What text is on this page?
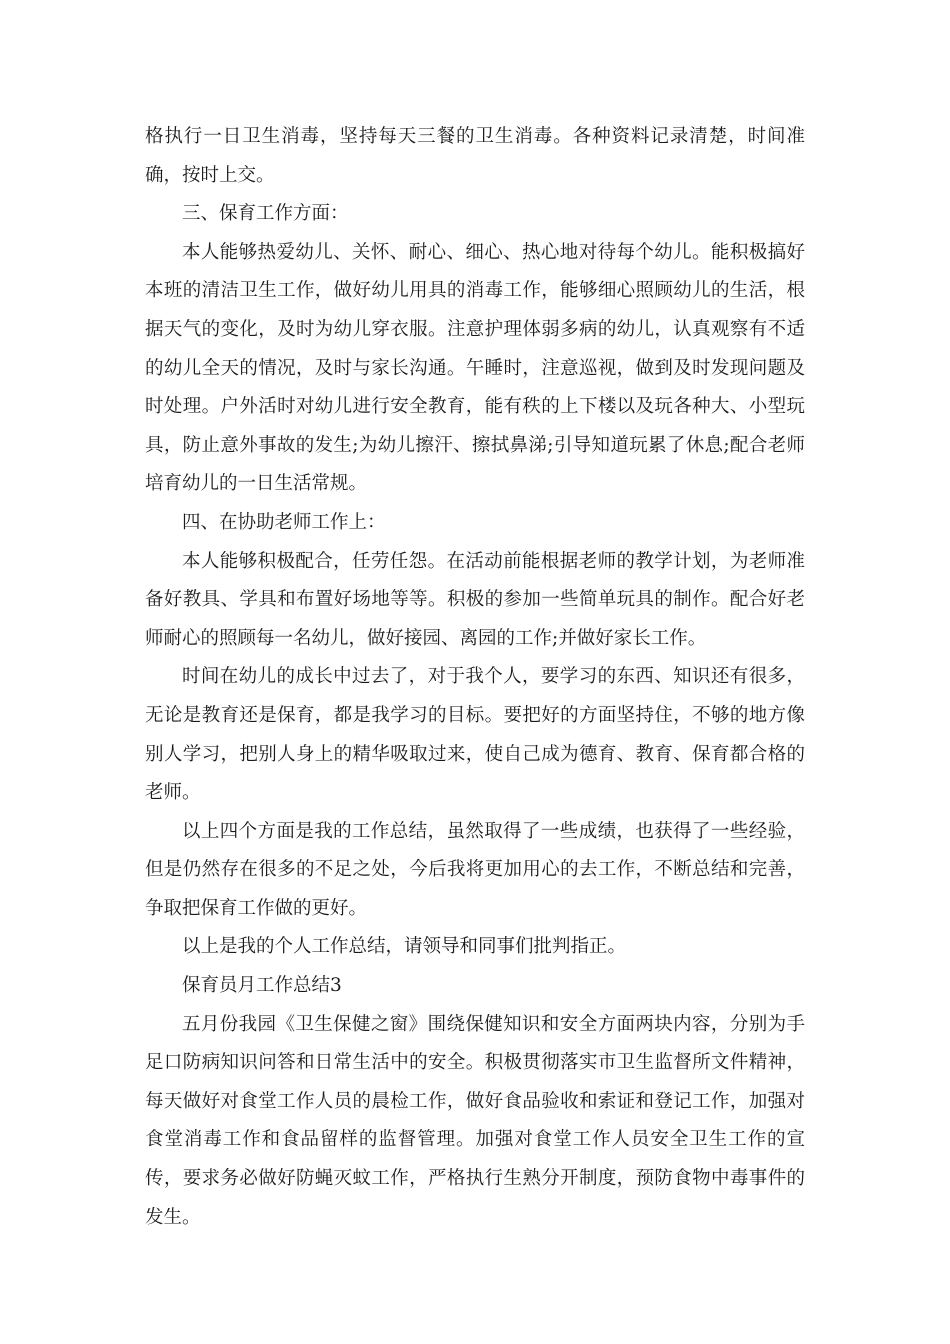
格执行一日卫生消毒，坚持每天三餐的卫生消毒。各种资料记录清楚，时间准确，按时上交。

三、保育工作方面：

本人能够热爱幼儿、关怀、耐心、细心、热心地对待每个幼儿。能积极搞好本班的清洁卫生工作，做好幼儿用具的消毒工作，能够细心照顾幼儿的生活，根据天气的变化，及时为幼儿穿衣服。注意护理体弱多病的幼儿，认真观察有不适的幼儿全天的情况，及时与家长沟通。午睡时，注意巡视，做到及时发现问题及时处理。户外活时对幼儿进行安全教育，能有秩的上下楼以及玩各种大、小型玩具，防止意外事故的发生;为幼儿擦汗、擦拭鼻涕;引导知道玩累了休息;配合老师培育幼儿的一日生活常规。

四、在协助老师工作上：

本人能够积极配合，任劳任怨。在活动前能根据老师的教学计划，为老师准备好教具、学具和布置好场地等等。积极的参加一些简单玩具的制作。配合好老师耐心的照顾每一名幼儿，做好接园、离园的工作;并做好家长工作。

时间在幼儿的成长中过去了，对于我个人，要学习的东西、知识还有很多，无论是教育还是保育，都是我学习的目标。要把好的方面坚持住，不够的地方像别人学习，把别人身上的精华吸取过来，使自己成为德育、教育、保育都合格的老师。

以上四个方面是我的工作总结，虽然取得了一些成绩，也获得了一些经验，但是仍然存在很多的不足之处，今后我将更加用心的去工作，不断总结和完善，争取把保育工作做的更好。

以上是我的个人工作总结，请领导和同事们批判指正。

保育员月工作总结3

五月份我园《卫生保健之窗》围绕保健知识和安全方面两块内容，分别为手足口防病知识问答和日常生活中的安全。积极贯彻落实市卫生监督所文件精神，每天做好对食堂工作人员的晨检工作，做好食品验收和索证和登记工作，加强对食堂消毒工作和食品留样的监督管理。加强对食堂工作人员安全卫生工作的宣传，要求务必做好防蝇灭蚊工作，严格执行生熟分开制度，预防食物中毒事件的发生。
